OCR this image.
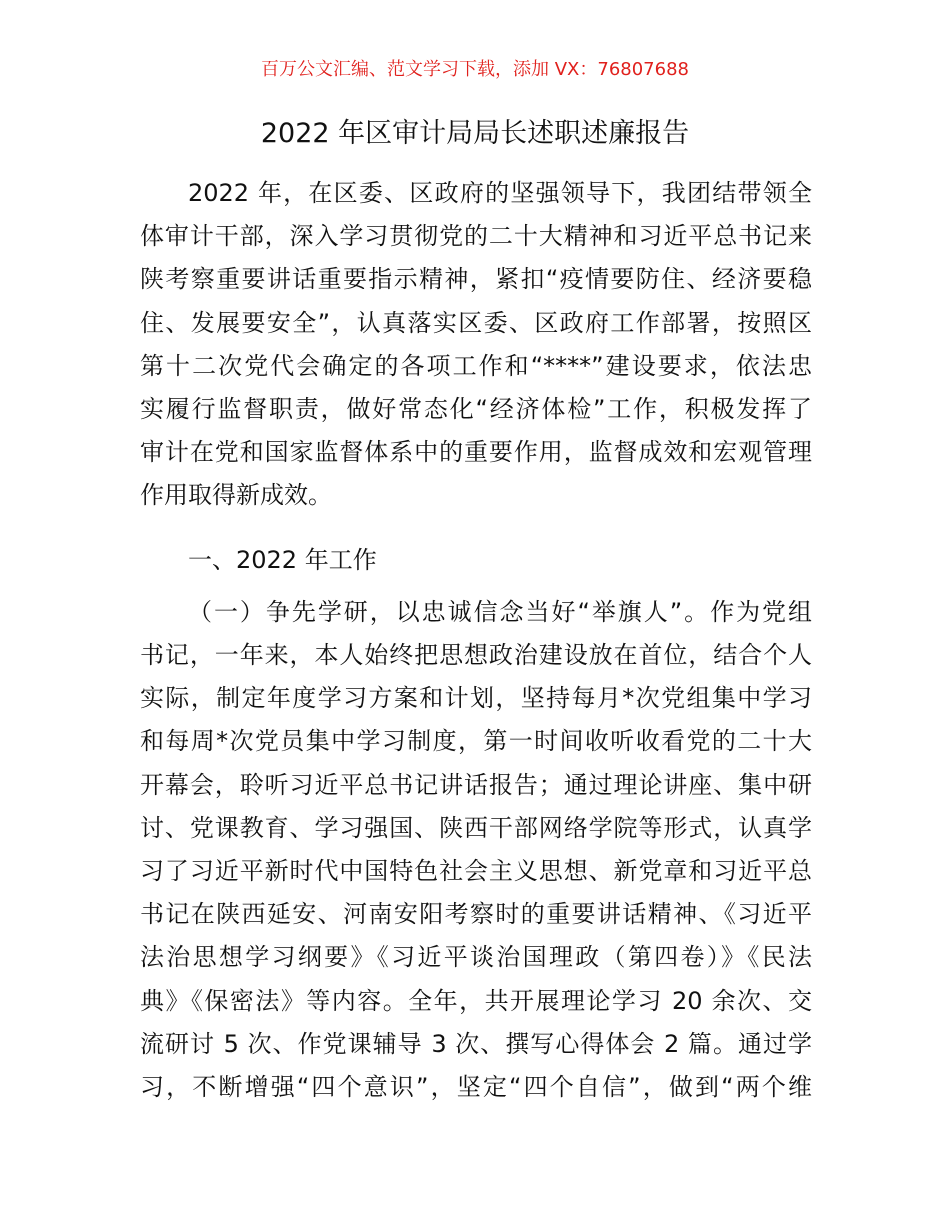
百万公文汇编、范文学习下载，添加 VX：76807688
2022 年区审计局局长述职述廉报告

2022 年，在区委、区政府的坚强领导下，我团结带领全
体审计干部，深入学习贯彻党的二十大精神和习近平总书记来
陕考察重要讲话重要指示精神，紧扣“疫情要防住、经济要稳
住、发展要安全”，认真落实区委、区政府工作部署，按照区
第十二次党代会确定的各项工作和“****”建设要求，依法忠
实履行监督职责，做好常态化“经济体检”工作，积极发挥了
审计在党和国家监督体系中的重要作用，监督成效和宏观管理
作用取得新成效。

一、2022 年工作

（一）争先学研，以忠诚信念当好“举旗人”。作为党组
书记，一年来，本人始终把思想政治建设放在首位，结合个人
实际，制定年度学习方案和计划，坚持每月*次党组集中学习
和每周*次党员集中学习制度，第一时间收听收看党的二十大
开幕会，聆听习近平总书记讲话报告；通过理论讲座、集中研
讨、党课教育、学习强国、陕西干部网络学院等形式，认真学
习了习近平新时代中国特色社会主义思想、新党章和习近平总
书记在陕西延安、河南安阳考察时的重要讲话精神、《习近平
法治思想学习纲要》《习近平谈治国理政（第四卷）》《民法
典》《保密法》等内容。全年，共开展理论学习 20 余次、交
流研讨 5 次、作党课辅导 3 次、撰写心得体会 2 篇。通过学
习，不断增强“四个意识”，坚定“四个自信”，做到“两个维
